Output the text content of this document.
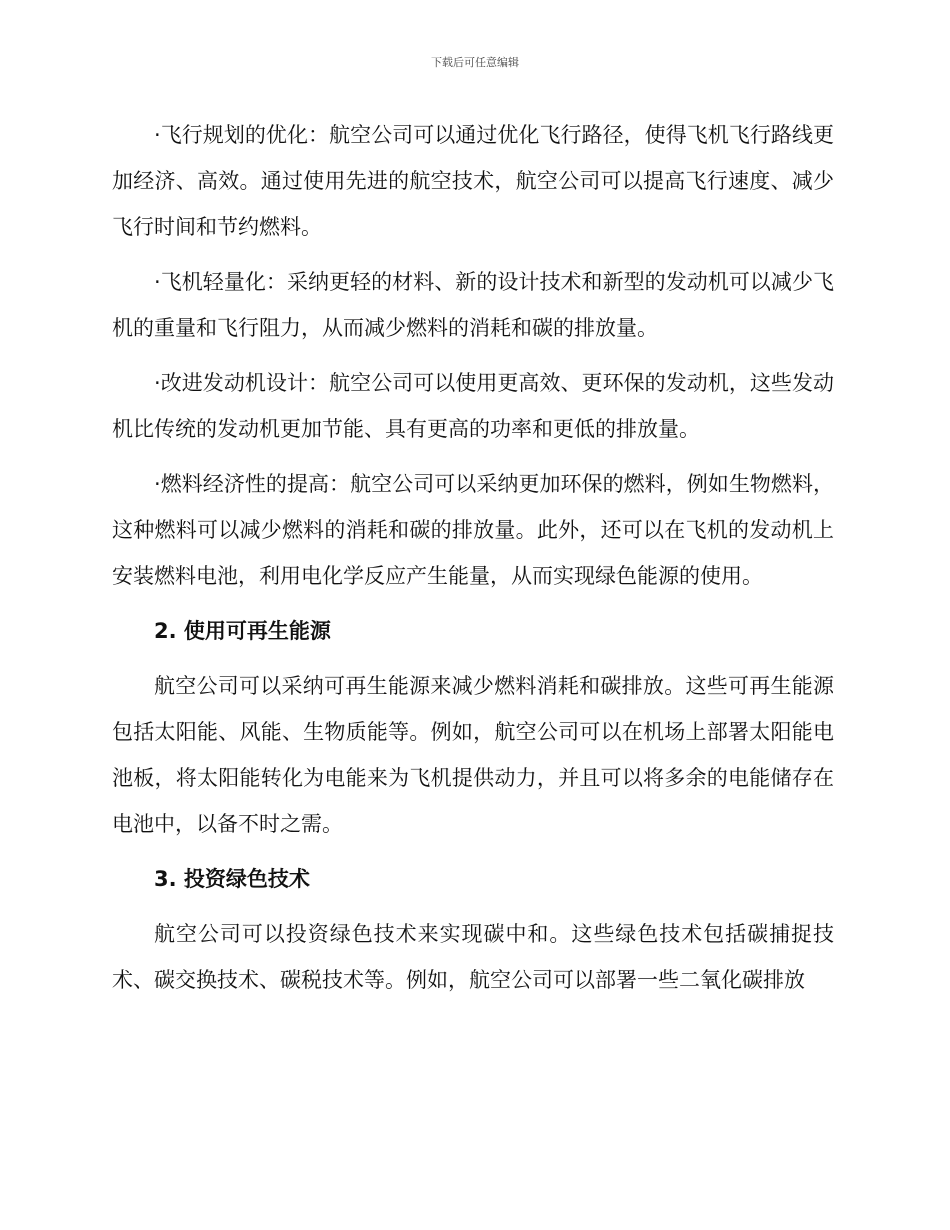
下载后可任意编辑

·飞行规划的优化：航空公司可以通过优化飞行路径，使得飞机飞行路线更加经济、高效。通过使用先进的航空技术，航空公司可以提高飞行速度、减少飞行时间和节约燃料。

·飞机轻量化：采纳更轻的材料、新的设计技术和新型的发动机可以减少飞机的重量和飞行阻力，从而减少燃料的消耗和碳的排放量。

·改进发动机设计：航空公司可以使用更高效、更环保的发动机，这些发动机比传统的发动机更加节能、具有更高的功率和更低的排放量。

·燃料经济性的提高：航空公司可以采纳更加环保的燃料，例如生物燃料，这种燃料可以减少燃料的消耗和碳的排放量。此外，还可以在飞机的发动机上安装燃料电池，利用电化学反应产生能量，从而实现绿色能源的使用。

2. 使用可再生能源

航空公司可以采纳可再生能源来减少燃料消耗和碳排放。这些可再生能源包括太阳能、风能、生物质能等。例如，航空公司可以在机场上部署太阳能电池板，将太阳能转化为电能来为飞机提供动力，并且可以将多余的电能储存在电池中，以备不时之需。

3. 投资绿色技术

航空公司可以投资绿色技术来实现碳中和。这些绿色技术包括碳捕捉技术、碳交换技术、碳税技术等。例如，航空公司可以部署一些二氧化碳排放
